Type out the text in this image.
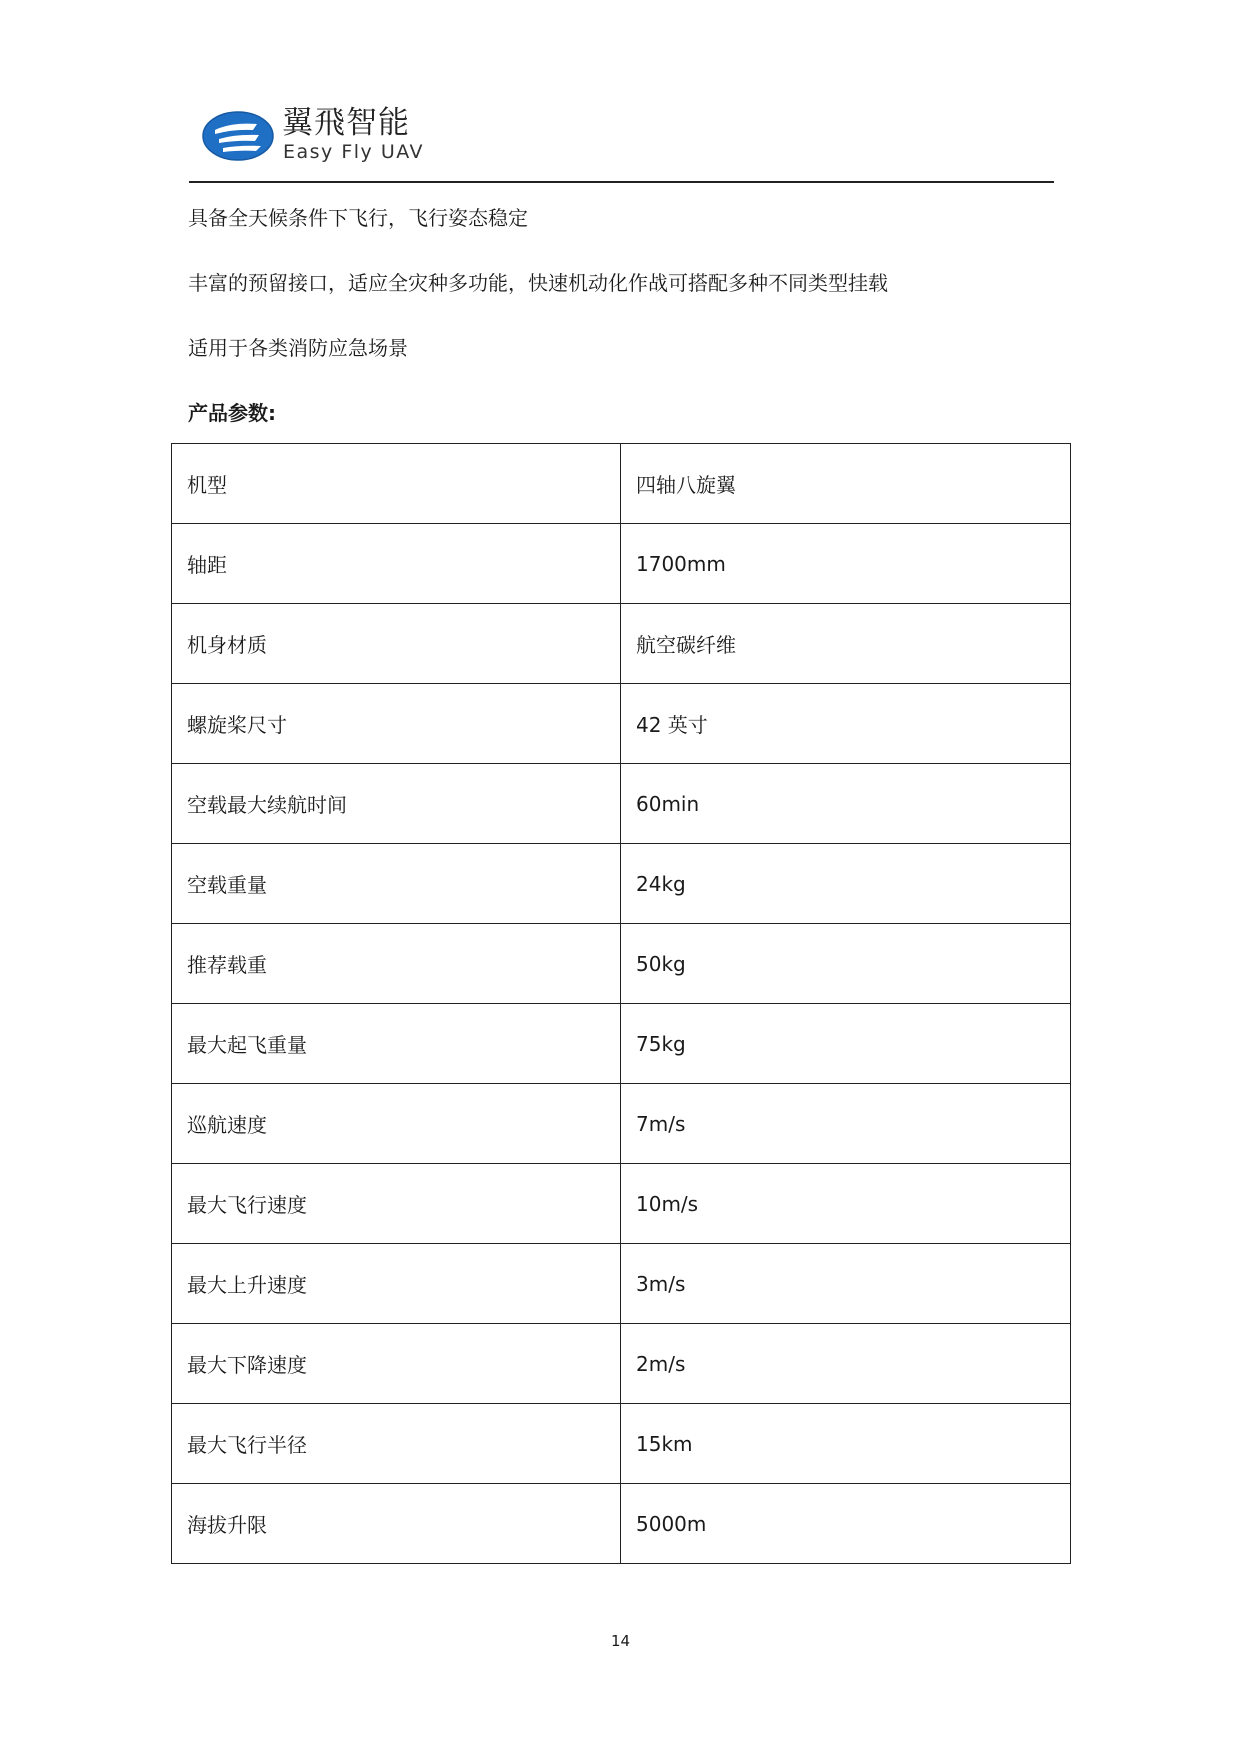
翼飛智能
Easy Fly UAV
具备全天候条件下飞行，飞行姿态稳定
丰富的预留接口，适应全灾种多功能，快速机动化作战可搭配多种不同类型挂载
适用于各类消防应急场景
产品参数:
机型	四轴八旋翼
轴距	1700mm
机身材质	航空碳纤维
螺旋桨尺寸	42 英寸
空载最大续航时间	60min
空载重量	24kg
推荐载重	50kg
最大起飞重量	75kg
巡航速度	7m/s
最大飞行速度	10m/s
最大上升速度	3m/s
最大下降速度	2m/s
最大飞行半径	15km
海拔升限	5000m
14
